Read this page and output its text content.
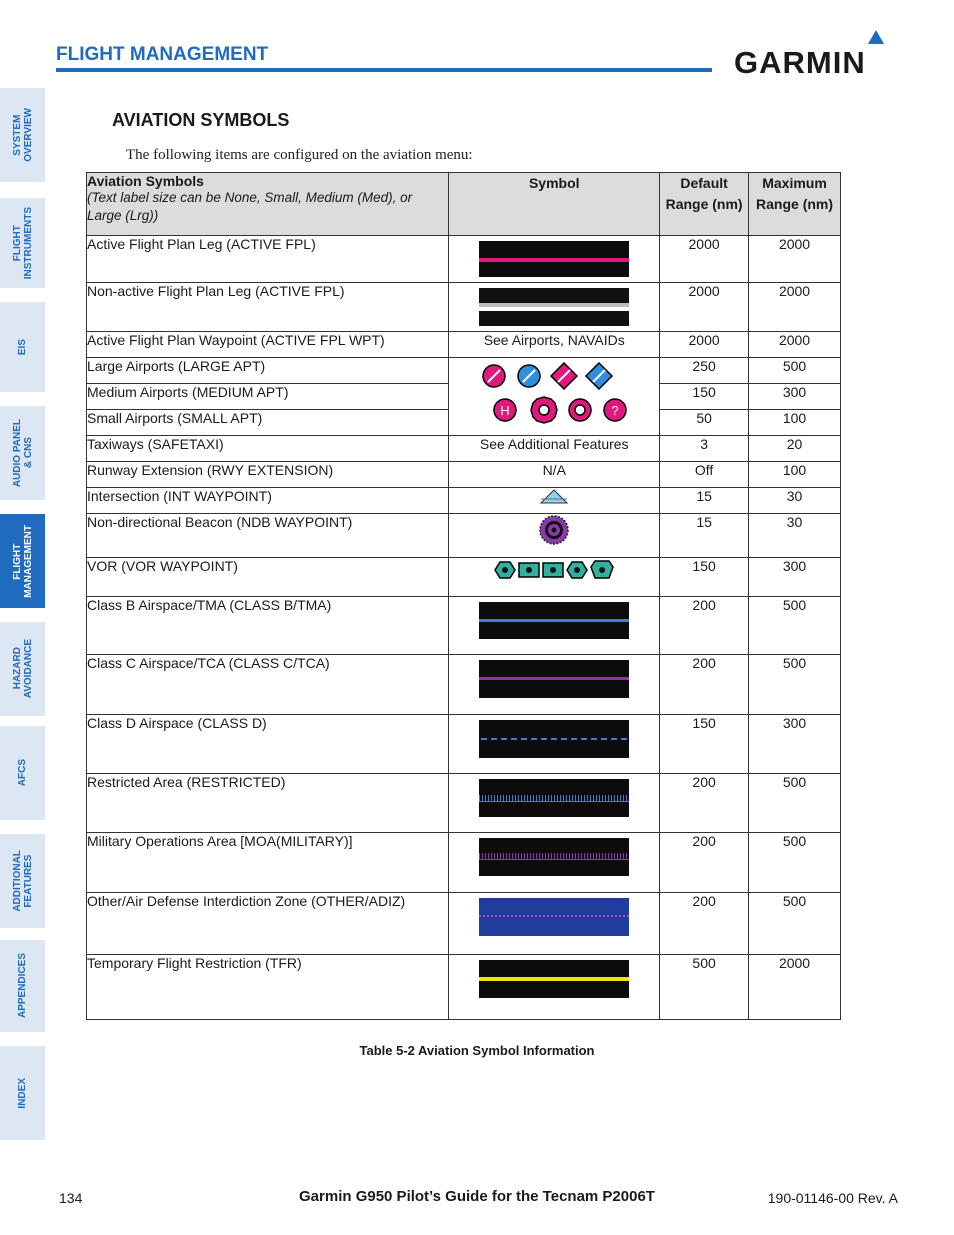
SYSTEM
OVERVIEW
FLIGHT
INSTRUMENTS
EIS
AUDIO PANEL
& CNS
FLIGHT
MANAGEMENT
HAZARD
AVOIDANCE
AFCS
ADDITIONAL
FEATURES
APPENDICES
INDEX
FLIGHT MANAGEMENT	GARMIN
AVIATION SYMBOLS
The following items are configured on the aviation menu:
Aviation Symbols
(Text label size can be None, Small, Medium (Med), or Large (Lrg))	Symbol	Default Range (nm)	Maximum Range (nm)
Active Flight Plan Leg (ACTIVE FPL)		2000	2000
Non-active Flight Plan Leg (ACTIVE FPL)		2000	2000
Active Flight Plan Waypoint (ACTIVE FPL WPT)	See Airports, NAVAIDs	2000	2000
Large Airports (LARGE APT)	H ?	250	500
Medium Airports (MEDIUM APT)		150	300
Small Airports (SMALL APT)		50	100
Taxiways (SAFETAXI)	See Additional Features	3	20
Runway Extension (RWY EXTENSION)	N/A	Off	100
Intersection (INT WAYPOINT)		15	30
Non-directional Beacon (NDB WAYPOINT)		15	30
VOR (VOR WAYPOINT)		150	300
Class B Airspace/TMA (CLASS B/TMA)		200	500
Class C Airspace/TCA (CLASS C/TCA)		200	500
Class D Airspace (CLASS D)		150	300
Restricted Area (RESTRICTED)		200	500
Military Operations Area [MOA(MILITARY)]		200	500
Other/Air Defense Interdiction Zone (OTHER/ADIZ)		200	500
Temporary Flight Restriction (TFR)		500	2000
Table 5-2 Aviation Symbol Information
134	Garmin G950 Pilot’s Guide for the Tecnam P2006T	190-01146-00 Rev. A
